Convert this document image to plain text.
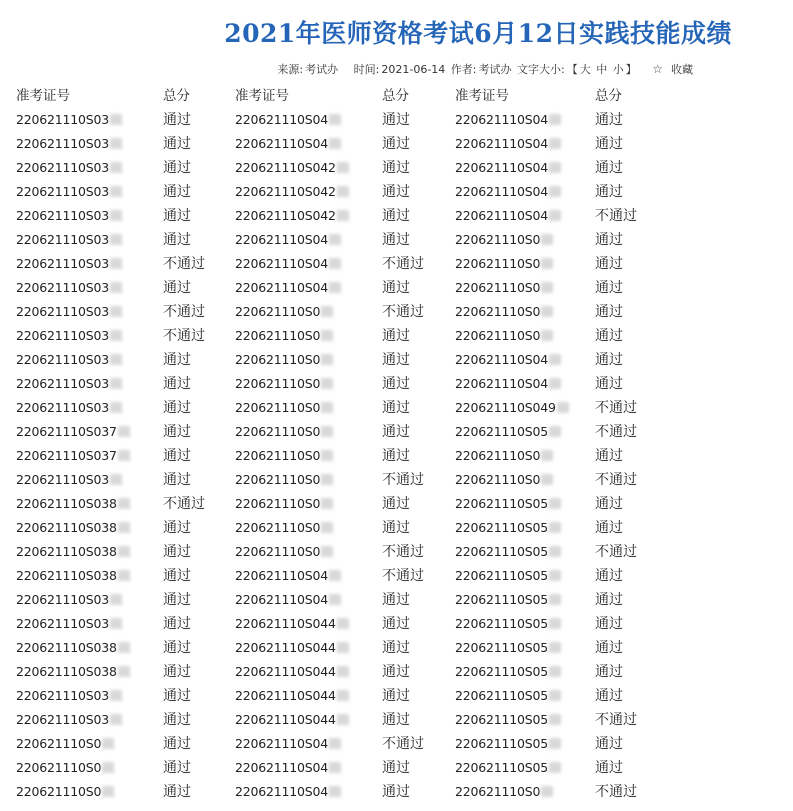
2021年医师资格考试6月12日实践技能成绩
来源: 考试办 时间: 2021-06-14 作者: 考试办 文字大小: 【 大 中 小 】 ☆ 收藏
准考证号	总分	准考证号	总分	准考证号	总分
220621110S03	通过	220621110S04	通过	220621110S04	通过
220621110S03	通过	220621110S04	通过	220621110S04	通过
220621110S03	通过	220621110S042	通过	220621110S04	通过
220621110S03	通过	220621110S042	通过	220621110S04	通过
220621110S03	通过	220621110S042	通过	220621110S04	不通过
220621110S03	通过	220621110S04	通过	220621110S0	通过
220621110S03	不通过 220621110S04	不通过 220621110S0	通过
220621110S03	通过	220621110S04	通过	220621110S0	通过
220621110S03	不通过 220621110S0	不通过 220621110S0	通过
220621110S03	不通过 220621110S0	通过	220621110S0	通过
220621110S03	通过	220621110S0	通过	220621110S04	通过
220621110S03	通过	220621110S0	通过	220621110S04	通过
220621110S03	通过	220621110S0	通过	220621110S049	不通过
220621110S037	通过	220621110S0	通过	220621110S05	不通过
220621110S037	通过	220621110S0	通过	220621110S0	通过
220621110S03	通过	220621110S0	不通过 220621110S0	不通过
220621110S038	不通过 220621110S0	通过	220621110S05	通过
220621110S038	通过	220621110S0	通过	220621110S05	通过
220621110S038	通过	220621110S0	不通过 220621110S05	不通过
220621110S038	通过	220621110S04	不通过 220621110S05	通过
220621110S03	通过	220621110S04	通过	220621110S05	通过
220621110S03	通过	220621110S044	通过	220621110S05	通过
220621110S038	通过	220621110S044	通过	220621110S05	通过
220621110S038	通过	220621110S044	通过	220621110S05	通过
220621110S03	通过	220621110S044	通过	220621110S05	通过
220621110S03	通过	220621110S044	通过	220621110S05	不通过
220621110S0	通过	220621110S04	不通过 220621110S05	通过
220621110S0	通过	220621110S04	通过	220621110S05	通过
220621110S0	通过	220621110S04	通过	220621110S0	不通过
